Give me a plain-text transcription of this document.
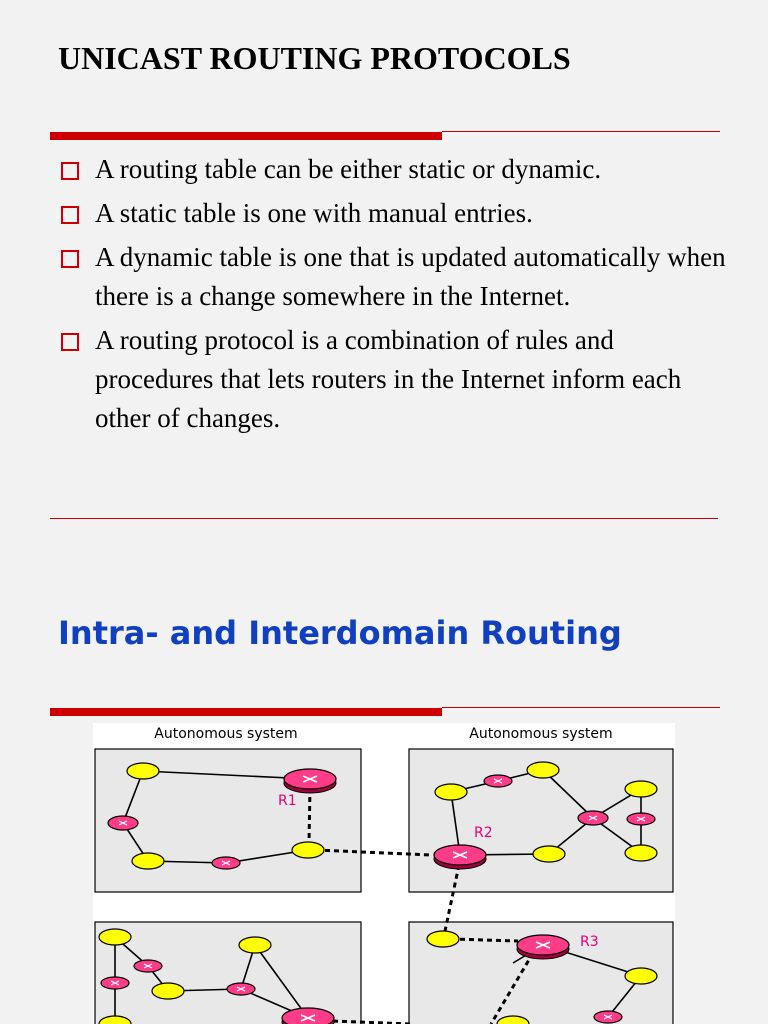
UNICAST ROUTING PROTOCOLS
A routing table can be either static or dynamic.
A static table is one with manual entries.
A dynamic table is one that is updated automatically when there is a change somewhere in the Internet.
A routing protocol is a combination of rules and procedures that lets routers in the Internet inform each other of changes.
Intra- and Interdomain Routing
Autonomous system	Autonomous system
R1
R2
R3
